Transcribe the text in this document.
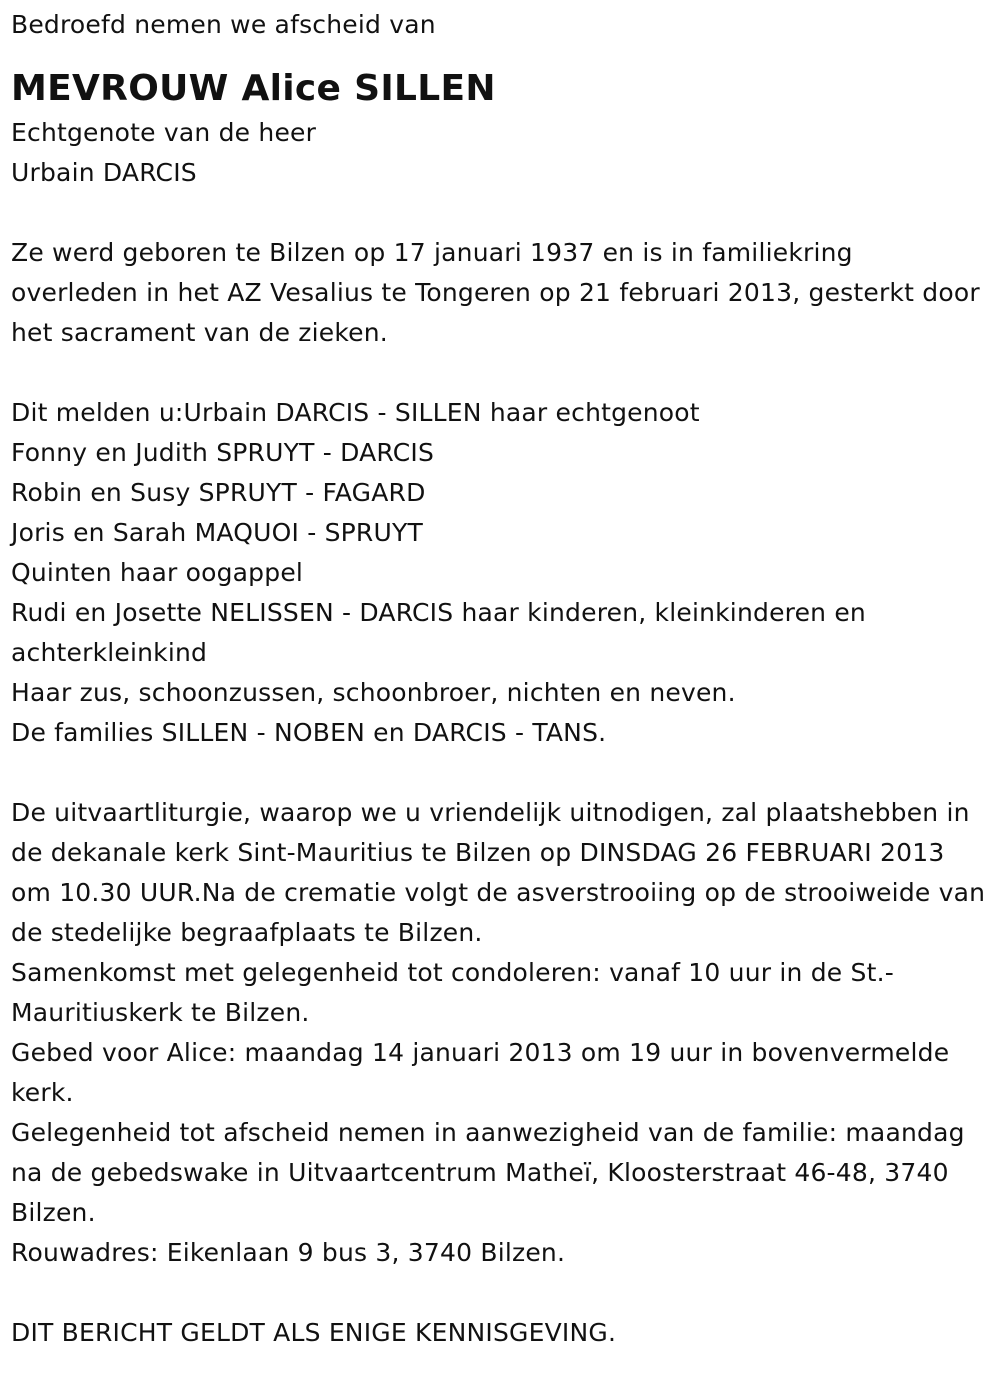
Bedroefd nemen we afscheid van

MEVROUW Alice SILLEN

Echtgenote van de heer

Urbain DARCIS

Ze werd geboren te Bilzen op 17 januari 1937 en is in familiekring overleden in het AZ Vesalius te Tongeren op 21 februari 2013, gesterkt door het sacrament van de zieken.

Dit melden u:Urbain DARCIS - SILLEN haar echtgenoot

Fonny en Judith SPRUYT - DARCIS

Robin en Susy SPRUYT - FAGARD

Joris en Sarah MAQUOI - SPRUYT

Quinten haar oogappel

Rudi en Josette NELISSEN - DARCIS haar kinderen, kleinkinderen en achterkleinkind

Haar zus, schoonzussen, schoonbroer, nichten en neven.

De families SILLEN - NOBEN en DARCIS - TANS.

De uitvaartliturgie, waarop we u vriendelijk uitnodigen, zal plaatshebben in de dekanale kerk Sint-Mauritius te Bilzen op DINSDAG 26 FEBRUARI 2013 om 10.30 UUR.Na de crematie volgt de asverstrooiing op de strooiweide van de stedelijke begraafplaats te Bilzen.

Samenkomst met gelegenheid tot condoleren: vanaf 10 uur in de St.-Mauritiuskerk te Bilzen.

Gebed voor Alice: maandag 14 januari 2013 om 19 uur in bovenvermelde kerk.

Gelegenheid tot afscheid nemen in aanwezigheid van de familie: maandag na de gebedswake in Uitvaartcentrum Matheï, Kloosterstraat 46-48, 3740 Bilzen.

Rouwadres: Eikenlaan 9 bus 3, 3740 Bilzen.

DIT BERICHT GELDT ALS ENIGE KENNISGEVING.
